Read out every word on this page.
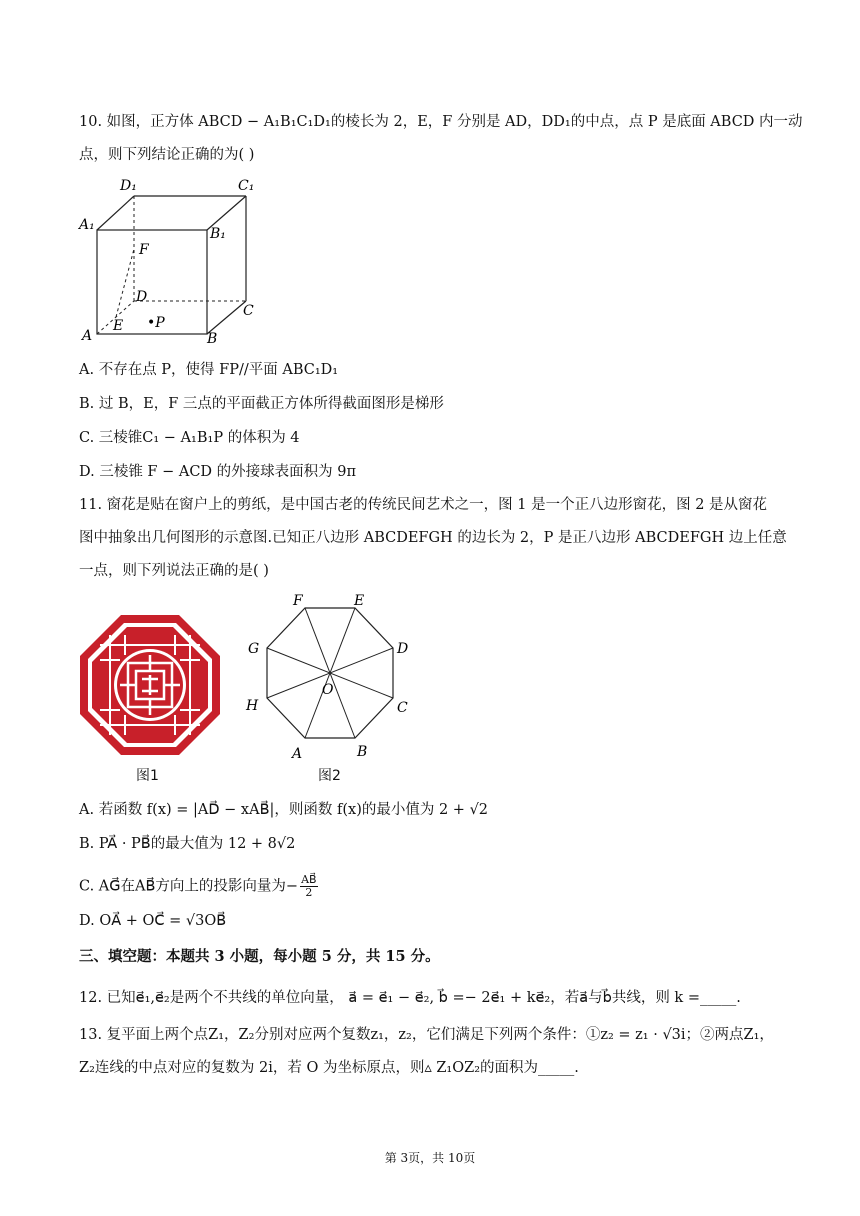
10. 如图，正方体 ABCD − A₁B₁C₁D₁的棱长为 2，E，F 分别是 AD，DD₁的中点，点 P 是底面 ABCD 内一动
点，则下列结论正确的为( )
D₁	C₁
A₁
B₁
F
D
C
A
E •P
B
A. 不存在点 P，使得 FP//平面 ABC₁D₁
B. 过 B，E，F 三点的平面截正方体所得截面图形是梯形
C. 三棱锥C₁ − A₁B₁P 的体积为 4
D. 三棱锥 F − ACD 的外接球表面积为 9π
11. 窗花是贴在窗户上的剪纸，是中国古老的传统民间艺术之一，图 1 是一个正八边形窗花，图 2 是从窗花
图中抽象出几何图形的示意图.已知正八边形 ABCDEFGH 的边长为 2，P 是正八边形 ABCDEFGH 边上任意
一点，则下列说法正确的是( )
图1
F	E
G	D
O
H	C
A	B
图2
A. 若函数 f(x) = |AD⃗ − xAB⃗|，则函数 f(x)的最小值为 2 + √2
B. PA⃗ · PB⃗的最大值为 12 + 8√2
C. AG⃗在AB⃗方向上的投影向量为− $\frac{AB⃗}{2}$
D. OA⃗ + OC⃗ = √3OB⃗
三、填空题：本题共 3 小题，每小题 5 分，共 15 分。
12. 已知e⃗₁,e⃗₂是两个不共线的单位向量， a⃗ = e⃗₁ − e⃗₂, b⃗ =− 2e⃗₁ + ke⃗₂，若a⃗与b⃗共线，则 k =_____.
13. 复平面上两个点Z₁，Z₂分别对应两个复数z₁，z₂，它们满足下列两个条件：①z₂ = z₁ · √3i；②两点Z₁，
Z₂连线的中点对应的复数为 2i，若 O 为坐标原点，则▵ Z₁OZ₂的面积为_____.
第 3页，共 10页
